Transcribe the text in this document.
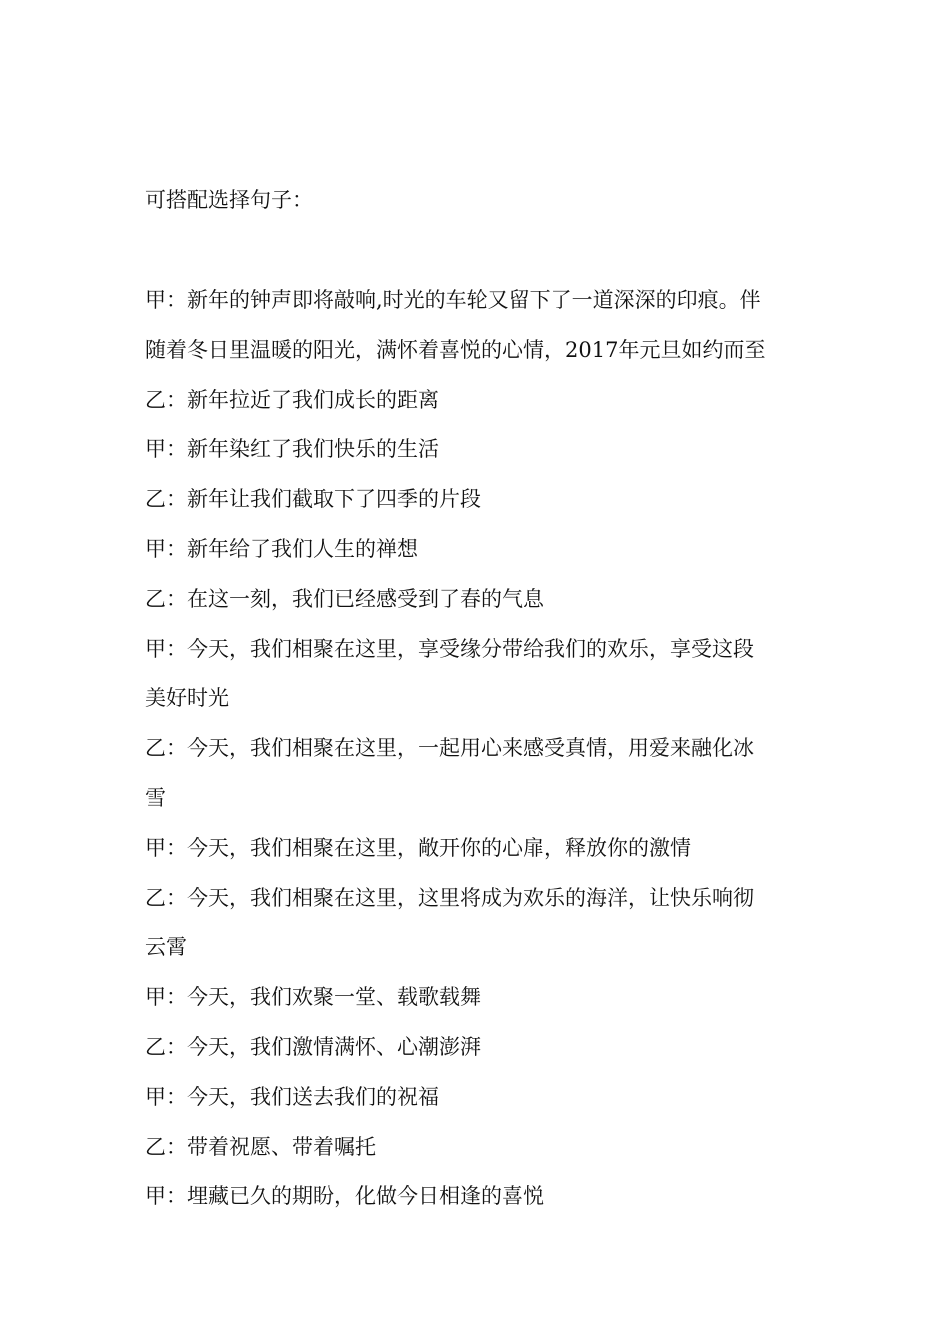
可搭配选择句子：
甲：新年的钟声即将敲响,时光的车轮又留下了一道深深的印痕。伴
随着冬日里温暖的阳光，满怀着喜悦的心情，2017年元旦如约而至
乙：新年拉近了我们成长的距离
甲：新年染红了我们快乐的生活
乙：新年让我们截取下了四季的片段
甲：新年给了我们人生的禅想
乙：在这一刻，我们已经感受到了春的气息
甲：今天，我们相聚在这里，享受缘分带给我们的欢乐，享受这段
美好时光
乙：今天，我们相聚在这里，一起用心来感受真情，用爱来融化冰
雪
甲：今天，我们相聚在这里，敞开你的心扉，释放你的激情
乙：今天，我们相聚在这里，这里将成为欢乐的海洋，让快乐响彻
云霄
甲：今天，我们欢聚一堂、载歌载舞
乙：今天，我们激情满怀、心潮澎湃
甲：今天，我们送去我们的祝福
乙：带着祝愿、带着嘱托
甲：埋藏已久的期盼，化做今日相逢的喜悦
